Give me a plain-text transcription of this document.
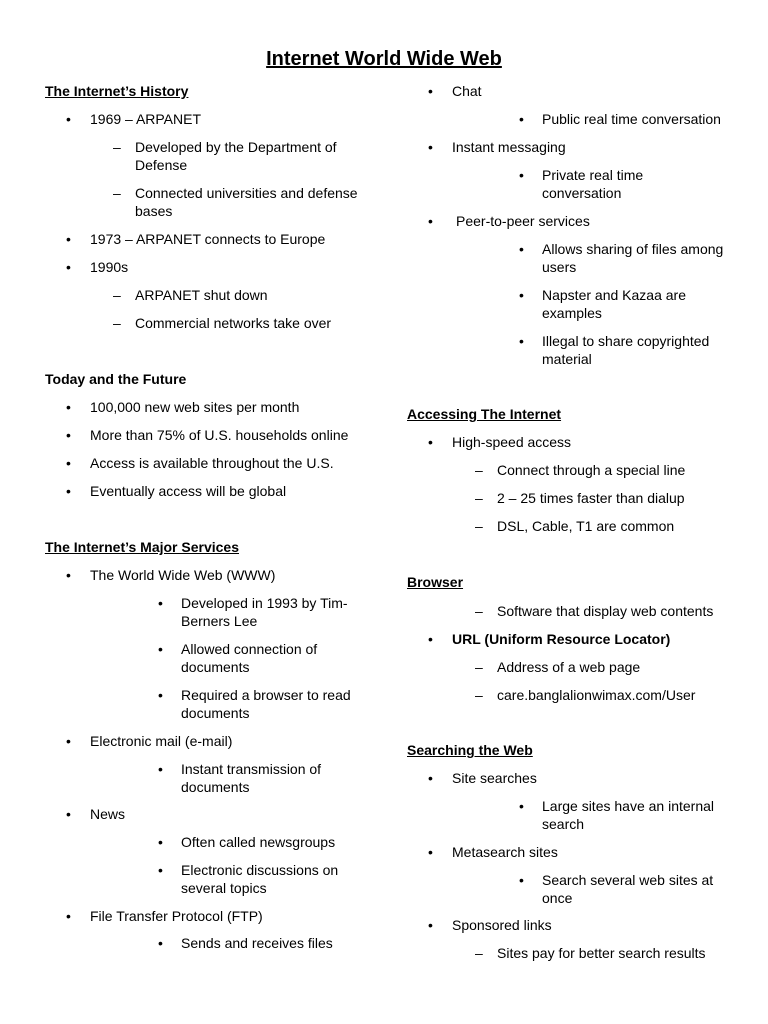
Internet World Wide Web
The Internet’s History
• 1969 – ARPANET
– Developed by the Department of Defense
– Connected universities and defense bases
• 1973 – ARPANET connects to Europe
• 1990s
– ARPANET shut down
– Commercial networks take over
Today and the Future
• 100,000 new web sites per month
• More than 75% of U.S. households online
• Access is available throughout the U.S.
• Eventually access will be global
The Internet’s Major Services
• The World Wide Web (WWW)
• Developed in 1993 by Tim-Berners Lee
• Allowed connection of documents
• Required a browser to read documents
• Electronic mail (e-mail)
• Instant transmission of documents
• News
• Often called newsgroups
• Electronic discussions on several topics
• File Transfer Protocol (FTP)
• Sends and receives files
• Chat
• Public real time conversation
• Instant messaging
• Private real time conversation
• Peer-to-peer services
• Allows sharing of files among users
• Napster and Kazaa are examples
• Illegal to share copyrighted material
Accessing The Internet
• High-speed access
– Connect through a special line
– 2 – 25 times faster than dialup
– DSL, Cable, T1 are common
Browser
– Software that display web contents
• URL (Uniform Resource Locator)
– Address of a web page
– care.banglalionwimax.com/User
Searching the Web
• Site searches
• Large sites have an internal search
• Metasearch sites
• Search several web sites at once
• Sponsored links
– Sites pay for better search results
